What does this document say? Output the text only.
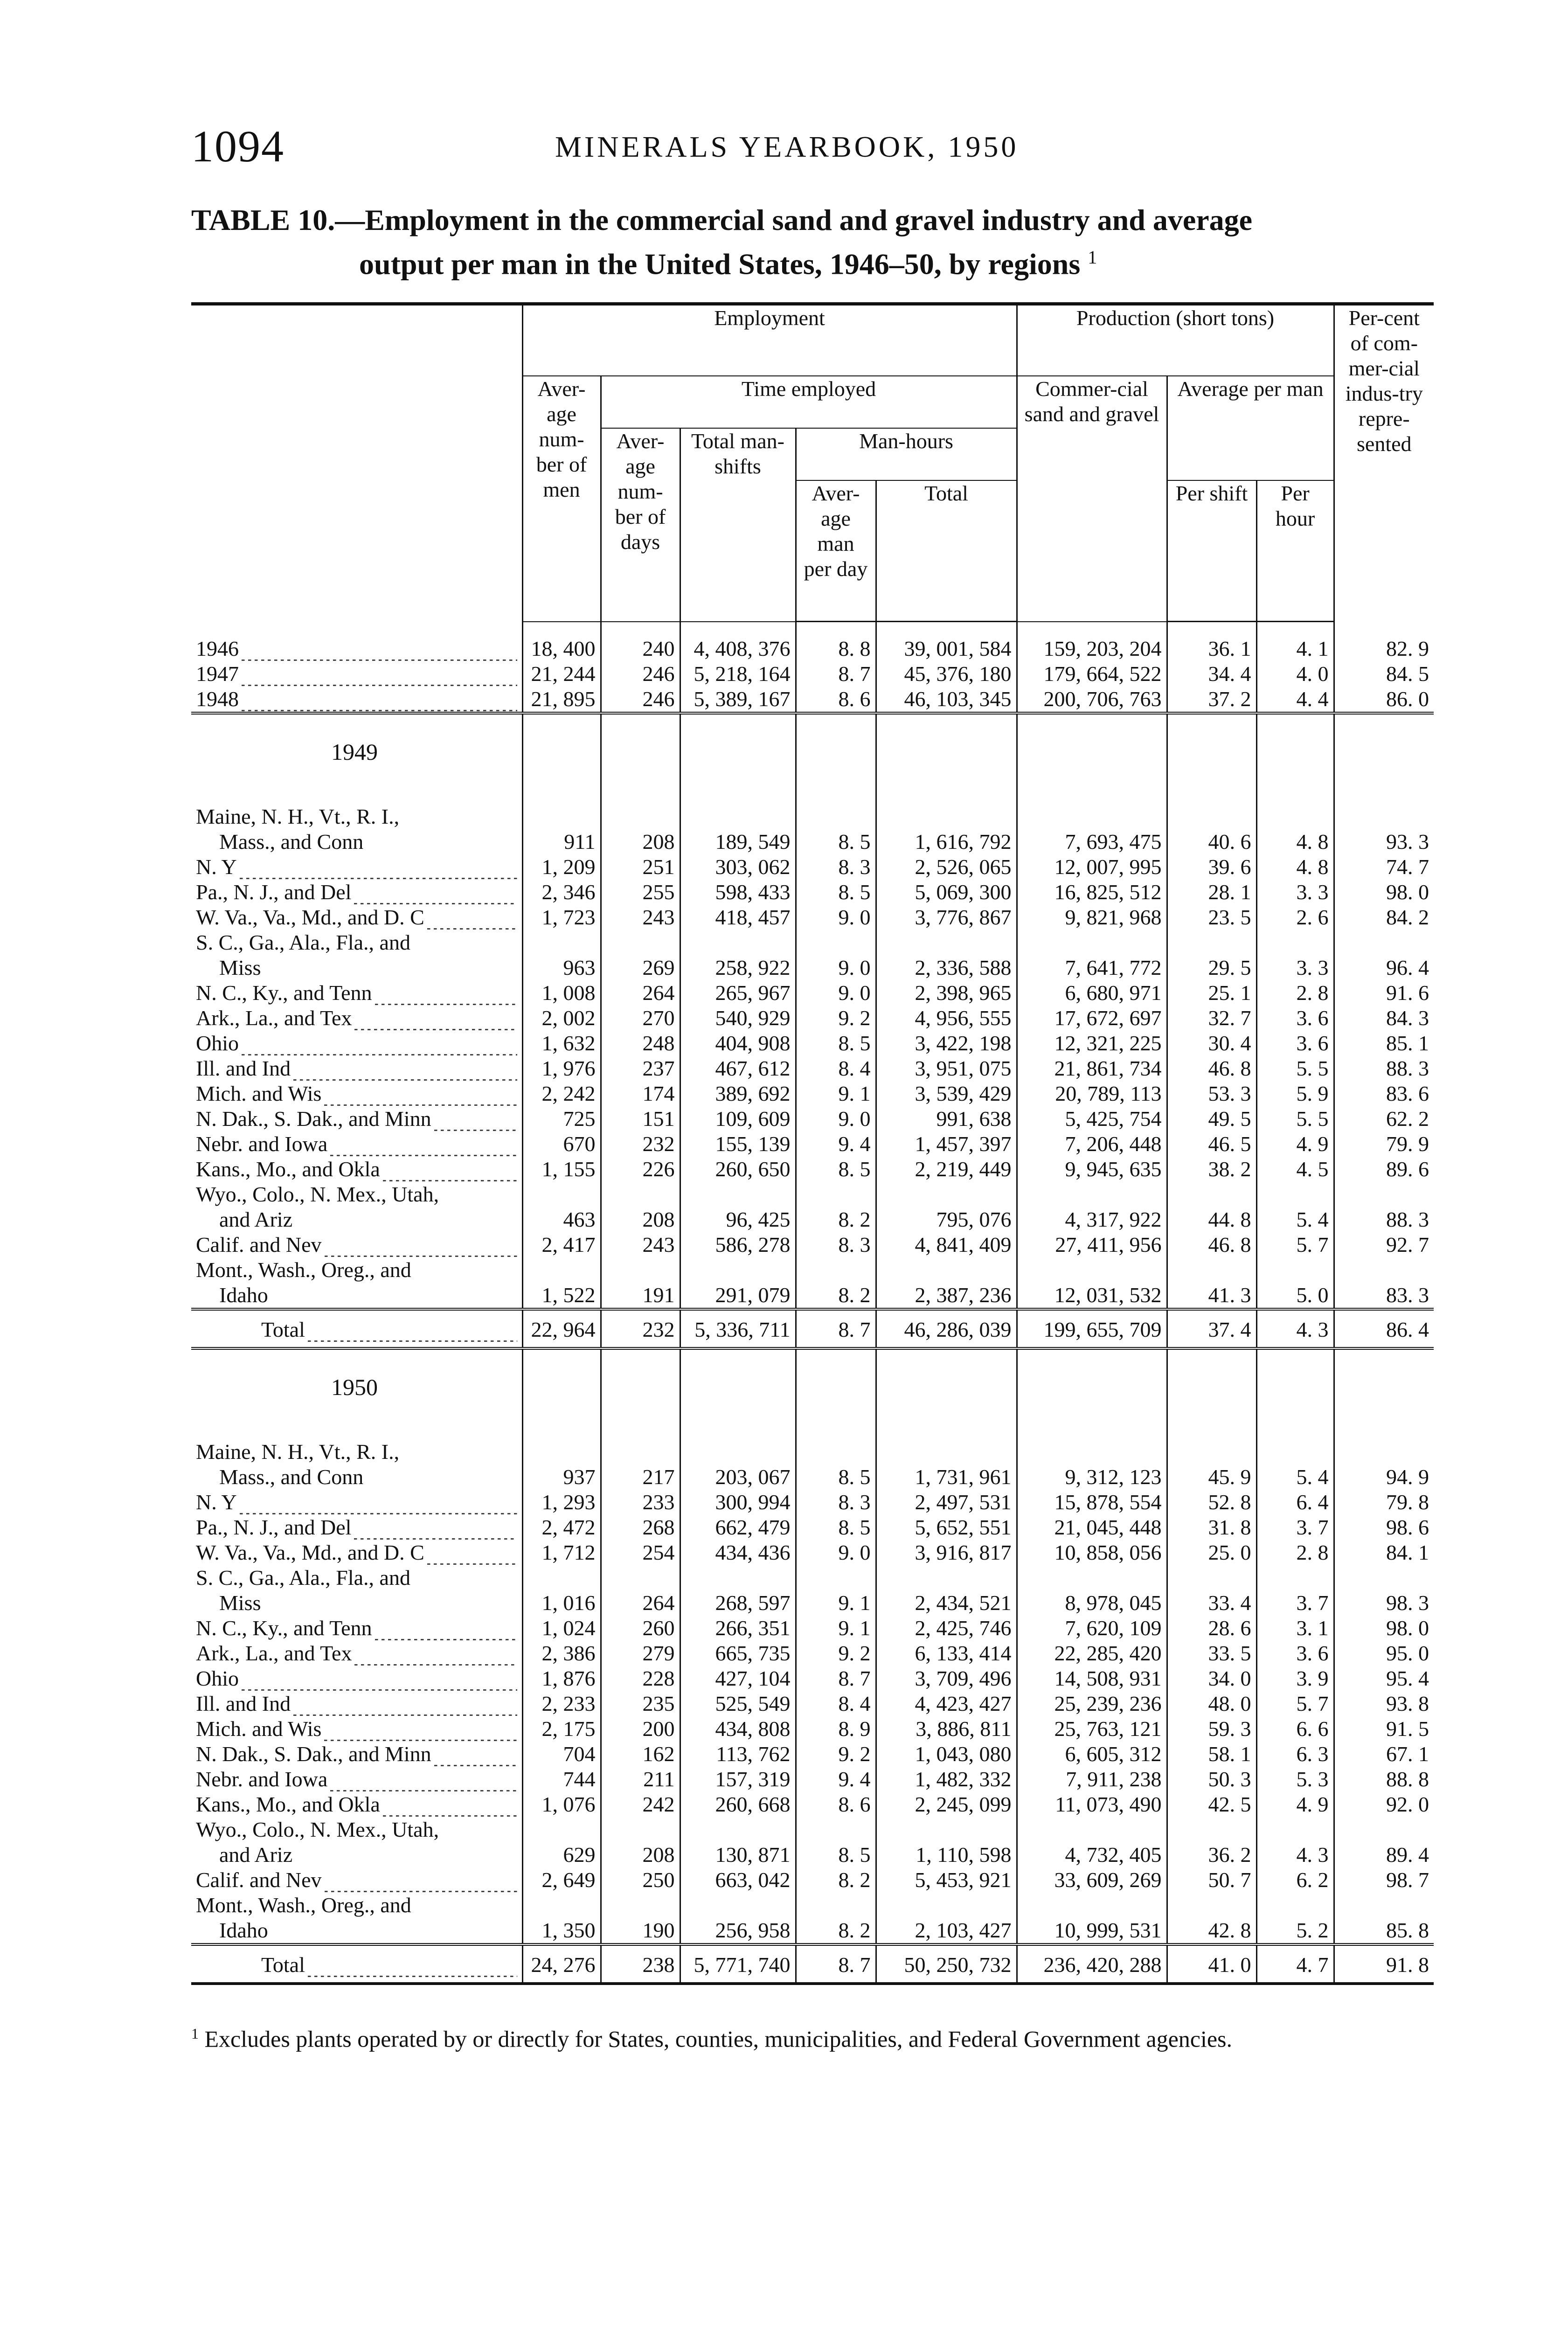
1094	MINERALS YEARBOOK, 1950
TABLE 10.—Employment in the commercial sand and gravel industry and average
output per man in the United States, 1946–50, by regions $^1$
	Employment					Production (short tons)			Per-cent of com-mer-cial indus-try repre-sented
	Aver-age num-ber of men	Time employed				Commer-cial sand and gravel	Average per man		
		Aver-age num-ber of days	Total man-shifts	Man-hours					
				Aver-age man per day	Total		Per shift	Per hour	

1946	18, 400	240	4, 408, 376	8. 8	39, 001, 584	159, 203, 204	36. 1	4. 1	82. 9

1947	21, 244	246	5, 218, 164	8. 7	45, 376, 180	179, 664, 522	34. 4	4. 0	84. 5

1948	21, 895	246	5, 389, 167	8. 6	46, 103, 345	200, 706, 763	37. 2	4. 4	86. 0
1949									

Maine, N. H., Vt., R. I.,
Mass., and Conn	911	208	189, 549	8. 5	1, 616, 792	7, 693, 475	40. 6	4. 8	93. 3

N. Y	1, 209	251	303, 062	8. 3	2, 526, 065	12, 007, 995	39. 6	4. 8	74. 7

Pa., N. J., and Del	2, 346	255	598, 433	8. 5	5, 069, 300	16, 825, 512	28. 1	3. 3	98. 0

W. Va., Va., Md., and D. C	1, 723	243	418, 457	9. 0	3, 776, 867	9, 821, 968	23. 5	2. 6	84. 2

S. C., Ga., Ala., Fla., and
Miss	963	269	258, 922	9. 0	2, 336, 588	7, 641, 772	29. 5	3. 3	96. 4

N. C., Ky., and Tenn	1, 008	264	265, 967	9. 0	2, 398, 965	6, 680, 971	25. 1	2. 8	91. 6

Ark., La., and Tex	2, 002	270	540, 929	9. 2	4, 956, 555	17, 672, 697	32. 7	3. 6	84. 3

Ohio	1, 632	248	404, 908	8. 5	3, 422, 198	12, 321, 225	30. 4	3. 6	85. 1

Ill. and Ind	1, 976	237	467, 612	8. 4	3, 951, 075	21, 861, 734	46. 8	5. 5	88. 3

Mich. and Wis	2, 242	174	389, 692	9. 1	3, 539, 429	20, 789, 113	53. 3	5. 9	83. 6

N. Dak., S. Dak., and Minn	725	151	109, 609	9. 0	991, 638	5, 425, 754	49. 5	5. 5	62. 2

Nebr. and Iowa	670	232	155, 139	9. 4	1, 457, 397	7, 206, 448	46. 5	4. 9	79. 9

Kans., Mo., and Okla	1, 155	226	260, 650	8. 5	2, 219, 449	9, 945, 635	38. 2	4. 5	89. 6

Wyo., Colo., N. Mex., Utah,
and Ariz	463	208	96, 425	8. 2	795, 076	4, 317, 922	44. 8	5. 4	88. 3

Calif. and Nev	2, 417	243	586, 278	8. 3	4, 841, 409	27, 411, 956	46. 8	5. 7	92. 7

Mont., Wash., Oreg., and
Idaho	1, 522	191	291, 079	8. 2	2, 387, 236	12, 031, 532	41. 3	5. 0	83. 3

Total	22, 964	232	5, 336, 711	8. 7	46, 286, 039	199, 655, 709	37. 4	4. 3	86. 4
1950									

Maine, N. H., Vt., R. I.,
Mass., and Conn	937	217	203, 067	8. 5	1, 731, 961	9, 312, 123	45. 9	5. 4	94. 9

N. Y	1, 293	233	300, 994	8. 3	2, 497, 531	15, 878, 554	52. 8	6. 4	79. 8

Pa., N. J., and Del	2, 472	268	662, 479	8. 5	5, 652, 551	21, 045, 448	31. 8	3. 7	98. 6

W. Va., Va., Md., and D. C	1, 712	254	434, 436	9. 0	3, 916, 817	10, 858, 056	25. 0	2. 8	84. 1

S. C., Ga., Ala., Fla., and
Miss	1, 016	264	268, 597	9. 1	2, 434, 521	8, 978, 045	33. 4	3. 7	98. 3

N. C., Ky., and Tenn	1, 024	260	266, 351	9. 1	2, 425, 746	7, 620, 109	28. 6	3. 1	98. 0

Ark., La., and Tex	2, 386	279	665, 735	9. 2	6, 133, 414	22, 285, 420	33. 5	3. 6	95. 0

Ohio	1, 876	228	427, 104	8. 7	3, 709, 496	14, 508, 931	34. 0	3. 9	95. 4

Ill. and Ind	2, 233	235	525, 549	8. 4	4, 423, 427	25, 239, 236	48. 0	5. 7	93. 8

Mich. and Wis	2, 175	200	434, 808	8. 9	3, 886, 811	25, 763, 121	59. 3	6. 6	91. 5

N. Dak., S. Dak., and Minn	704	162	113, 762	9. 2	1, 043, 080	6, 605, 312	58. 1	6. 3	67. 1

Nebr. and Iowa	744	211	157, 319	9. 4	1, 482, 332	7, 911, 238	50. 3	5. 3	88. 8

Kans., Mo., and Okla	1, 076	242	260, 668	8. 6	2, 245, 099	11, 073, 490	42. 5	4. 9	92. 0

Wyo., Colo., N. Mex., Utah,
and Ariz	629	208	130, 871	8. 5	1, 110, 598	4, 732, 405	36. 2	4. 3	89. 4

Calif. and Nev	2, 649	250	663, 042	8. 2	5, 453, 921	33, 609, 269	50. 7	6. 2	98. 7

Mont., Wash., Oreg., and
Idaho	1, 350	190	256, 958	8. 2	2, 103, 427	10, 999, 531	42. 8	5. 2	85. 8

Total	24, 276	238	5, 771, 740	8. 7	50, 250, 732	236, 420, 288	41. 0	4. 7	91. 8
$^1$ Excludes plants operated by or directly for States, counties, municipalities, and Federal Government agencies.
